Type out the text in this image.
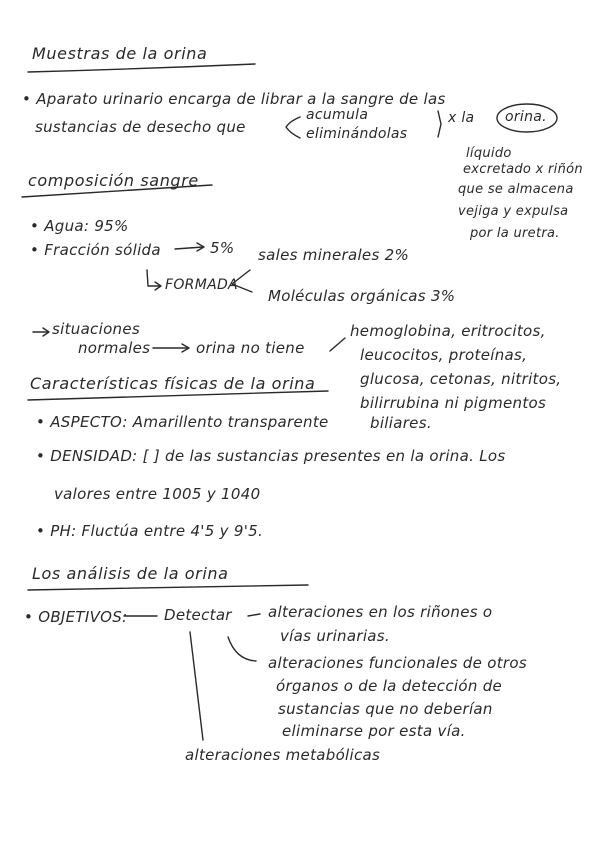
Muestras de la orina
• Aparato urinario encarga de librar a la sangre de las
sustancias de desecho que
acumula
eliminándolas
x la orina.
líquido
excretado x riñón
que se almacena
vejiga y expulsa
por la uretra.
composición sangre
• Agua: 95%
• Fracción sólida	5%
FORMADA
sales minerales 2%
Moléculas orgánicas 3%
situaciones
normales	orina no tiene
hemoglobina, eritrocitos,
leucocitos, proteínas,
glucosa, cetonas, nitritos,
bilirrubina ni pigmentos
biliares.
Características físicas de la orina
• ASPECTO: Amarillento transparente
• DENSIDAD: [ ] de las sustancias presentes en la orina. Los
valores entre 1005 y 1040
• PH: Fluctúa entre 4'5 y 9'5.
Los análisis de la orina
• OBJETIVOS: Detectar alteraciones en los riñones o
vías urinarias.
alteraciones funcionales de otros
órganos o de la detección de
sustancias que no deberían
eliminarse por esta vía.
alteraciones metabólicas
